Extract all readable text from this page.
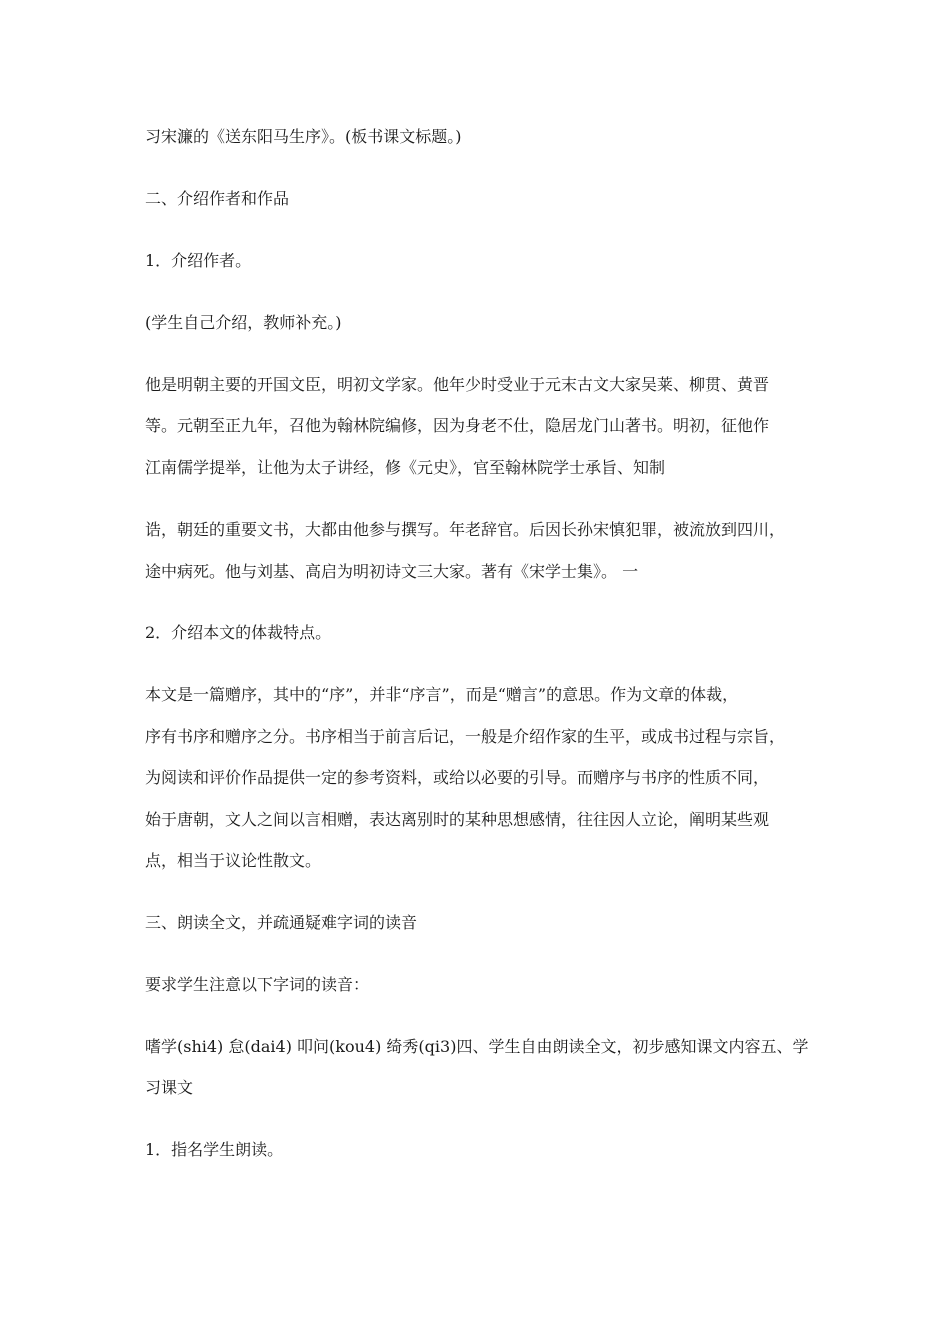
习宋濂的《送东阳马生序》。(板书课文标题。)
二、介绍作者和作品
1．介绍作者。
(学生自己介绍，教师补充。)
他是明朝主要的开国文臣，明初文学家。他年少时受业于元末古文大家吴莱、柳贯、黄晋
等。元朝至正九年，召他为翰林院编修，因为身老不仕，隐居龙门山著书。明初，征他作
江南儒学提举，让他为太子讲经，修《元史》，官至翰林院学士承旨、知制
诰，朝廷的重要文书，大都由他参与撰写。年老辞官。后因长孙宋慎犯罪，被流放到四川，
途中病死。他与刘基、高启为明初诗文三大家。著有《宋学士集》。 一
2．介绍本文的体裁特点。
本文是一篇赠序，其中的“序”，并非“序言”，而是“赠言”的意思。作为文章的体裁，
序有书序和赠序之分。书序相当于前言后记，一般是介绍作家的生平，或成书过程与宗旨，
为阅读和评价作品提供一定的参考资料，或给以必要的引导。而赠序与书序的性质不同，
始于唐朝，文人之间以言相赠，表达离别时的某种思想感情，往往因人立论，阐明某些观
点，相当于议论性散文。
三、朗读全文，并疏通疑难字词的读音
要求学生注意以下字词的读音：
嗜学(shi4) 怠(dai4) 叩问(kou4) 绮秀(qi3)四、学生自由朗读全文，初步感知课文内容五、学
习课文
1．指名学生朗读。
